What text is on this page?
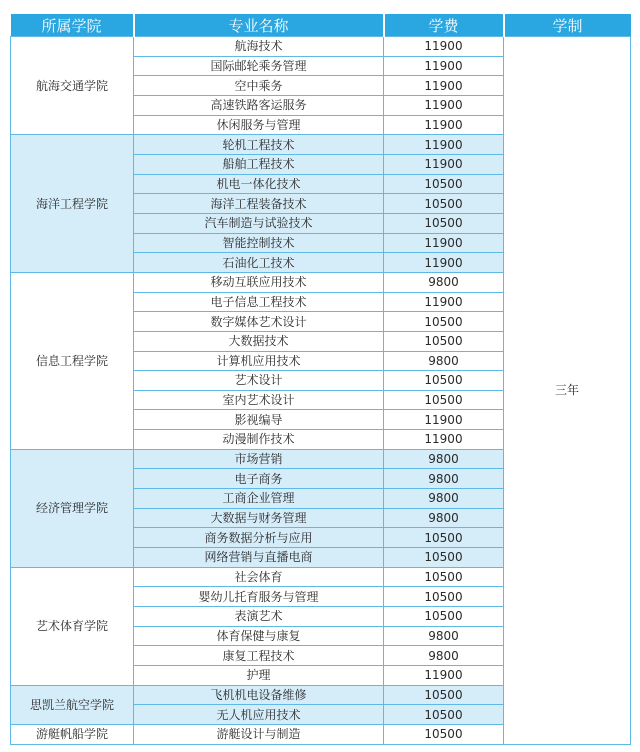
所属学院	专业名称	学费	学制
航海交通学院	航海技术	11900	三年
	国际邮轮乘务管理	11900	
	空中乘务	11900	
	高速铁路客运服务	11900	
	休闲服务与管理	11900	
海洋工程学院	轮机工程技术	11900	
	船舶工程技术	11900	
	机电一体化技术	10500	
	海洋工程装备技术	10500	
	汽车制造与试验技术	10500	
	智能控制技术	11900	
	石油化工技术	11900	
信息工程学院	移动互联应用技术	9800	
	电子信息工程技术	11900	
	数字媒体艺术设计	10500	
	大数据技术	10500	
	计算机应用技术	9800	
	艺术设计	10500	
	室内艺术设计	10500	
	影视编导	11900	
	动漫制作技术	11900	
经济管理学院	市场营销	9800	
	电子商务	9800	
	工商企业管理	9800	
	大数据与财务管理	9800	
	商务数据分析与应用	10500	
	网络营销与直播电商	10500	
艺术体育学院	社会体育	10500	
	婴幼儿托育服务与管理	10500	
	表演艺术	10500	
	体育保健与康复	9800	
	康复工程技术	9800	
	护理	11900	
思凯兰航空学院	飞机机电设备维修	10500	
	无人机应用技术	10500	
游艇帆船学院	游艇设计与制造	10500	
